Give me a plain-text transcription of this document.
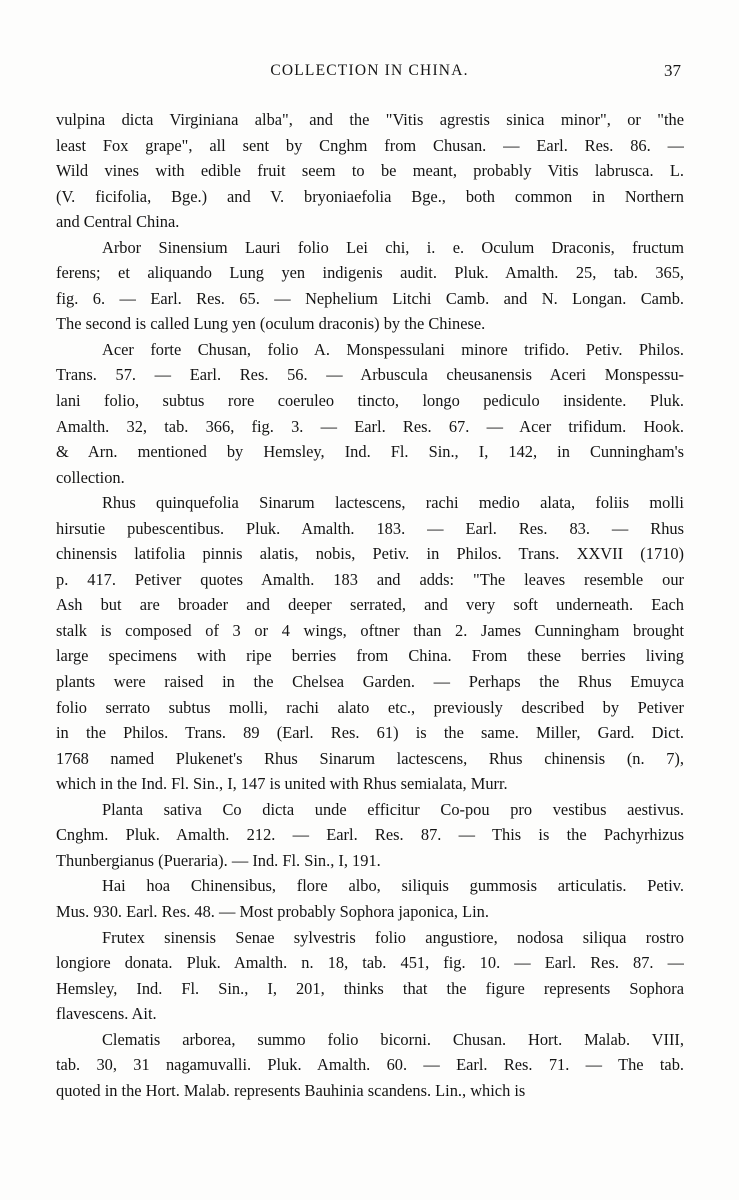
COLLECTION IN CHINA.	37
vulpina dicta Virginiana alba", and the "Vitis agrestis sinica minor", or "the
least Fox grape", all sent by Cnghm from Chusan. — Earl. Res. 86. —
Wild vines with edible fruit seem to be meant, probably Vitis labrusca. L.
(V. ficifolia, Bge.) and V. bryoniaefolia Bge., both common in Northern
and Central China.
Arbor Sinensium Lauri folio Lei chi, i. e. Oculum Draconis, fructum
ferens; et aliquando Lung yen indigenis audit. Pluk. Amalth. 25, tab. 365,
fig. 6. — Earl. Res. 65. — Nephelium Litchi Camb. and N. Longan. Camb.
The second is called Lung yen (oculum draconis) by the Chinese.
Acer forte Chusan, folio A. Monspessulani minore trifido. Petiv. Philos.
Trans. 57. — Earl. Res. 56. — Arbuscula cheusanensis Aceri Monspessu-
lani folio, subtus rore coeruleo tincto, longo pediculo insidente. Pluk.
Amalth. 32, tab. 366, fig. 3. — Earl. Res. 67. — Acer trifidum. Hook.
& Arn. mentioned by Hemsley, Ind. Fl. Sin., I, 142, in Cunningham's
collection.
Rhus quinquefolia Sinarum lactescens, rachi medio alata, foliis molli
hirsutie pubescentibus. Pluk. Amalth. 183. — Earl. Res. 83. — Rhus
chinensis latifolia pinnis alatis, nobis, Petiv. in Philos. Trans. XXVII (1710)
p. 417. Petiver quotes Amalth. 183 and adds: "The leaves resemble our
Ash but are broader and deeper serrated, and very soft underneath. Each
stalk is composed of 3 or 4 wings, oftner than 2. James Cunningham brought
large specimens with ripe berries from China. From these berries living
plants were raised in the Chelsea Garden. — Perhaps the Rhus Emuyca
folio serrato subtus molli, rachi alato etc., previously described by Petiver
in the Philos. Trans. 89 (Earl. Res. 61) is the same. Miller, Gard. Dict.
1768 named Plukenet's Rhus Sinarum lactescens, Rhus chinensis (n. 7),
which in the Ind. Fl. Sin., I, 147 is united with Rhus semialata, Murr.
Planta sativa Co dicta unde efficitur Co-pou pro vestibus aestivus.
Cnghm. Pluk. Amalth. 212. — Earl. Res. 87. — This is the Pachyrhizus
Thunbergianus (Pueraria). — Ind. Fl. Sin., I, 191.
Hai hoa Chinensibus, flore albo, siliquis gummosis articulatis. Petiv.
Mus. 930. Earl. Res. 48. — Most probably Sophora japonica, Lin.
Frutex sinensis Senae sylvestris folio angustiore, nodosa siliqua rostro
longiore donata. Pluk. Amalth. n. 18, tab. 451, fig. 10. — Earl. Res. 87. —
Hemsley, Ind. Fl. Sin., I, 201, thinks that the figure represents Sophora
flavescens. Ait.
Clematis arborea, summo folio bicorni. Chusan. Hort. Malab. VIII,
tab. 30, 31 nagamuvalli. Pluk. Amalth. 60. — Earl. Res. 71. — The tab.
quoted in the Hort. Malab. represents Bauhinia scandens. Lin., which is
